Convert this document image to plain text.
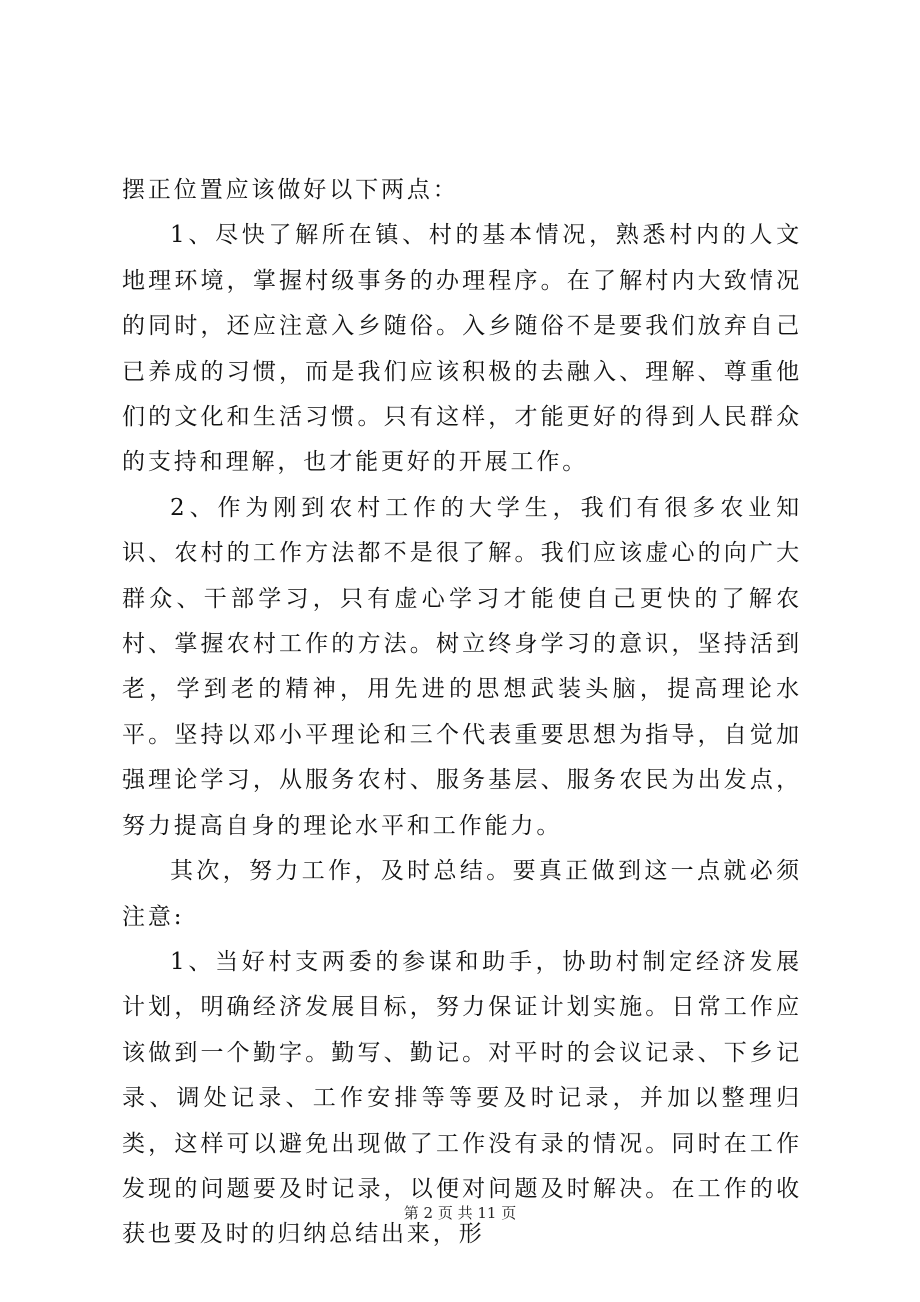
摆正位置应该做好以下两点：

1、尽快了解所在镇、村的基本情况，熟悉村内的人文地理环境，掌握村级事务的办理程序。在了解村内大致情况的同时，还应注意入乡随俗。入乡随俗不是要我们放弃自己已养成的习惯，而是我们应该积极的去融入、理解、尊重他们的文化和生活习惯。只有这样，才能更好的得到人民群众的支持和理解，也才能更好的开展工作。

2、作为刚到农村工作的大学生，我们有很多农业知识、农村的工作方法都不是很了解。我们应该虚心的向广大群众、干部学习，只有虚心学习才能使自己更快的了解农村、掌握农村工作的方法。树立终身学习的意识，坚持活到老，学到老的精神，用先进的思想武装头脑，提高理论水平。坚持以邓小平理论和三个代表重要思想为指导，自觉加强理论学习，从服务农村、服务基层、服务农民为出发点，努力提高自身的理论水平和工作能力。

其次，努力工作，及时总结。要真正做到这一点就必须注意:

1、当好村支两委的参谋和助手，协助村制定经济发展计划，明确经济发展目标，努力保证计划实施。日常工作应该做到一个勤字。勤写、勤记。对平时的会议记录、下乡记录、调处记录、工作安排等等要及时记录，并加以整理归类，这样可以避免出现做了工作没有录的情况。同时在工作发现的问题要及时记录，以便对问题及时解决。在工作的收获也要及时的归纳总结出来，形

第 2 页 共 11 页
